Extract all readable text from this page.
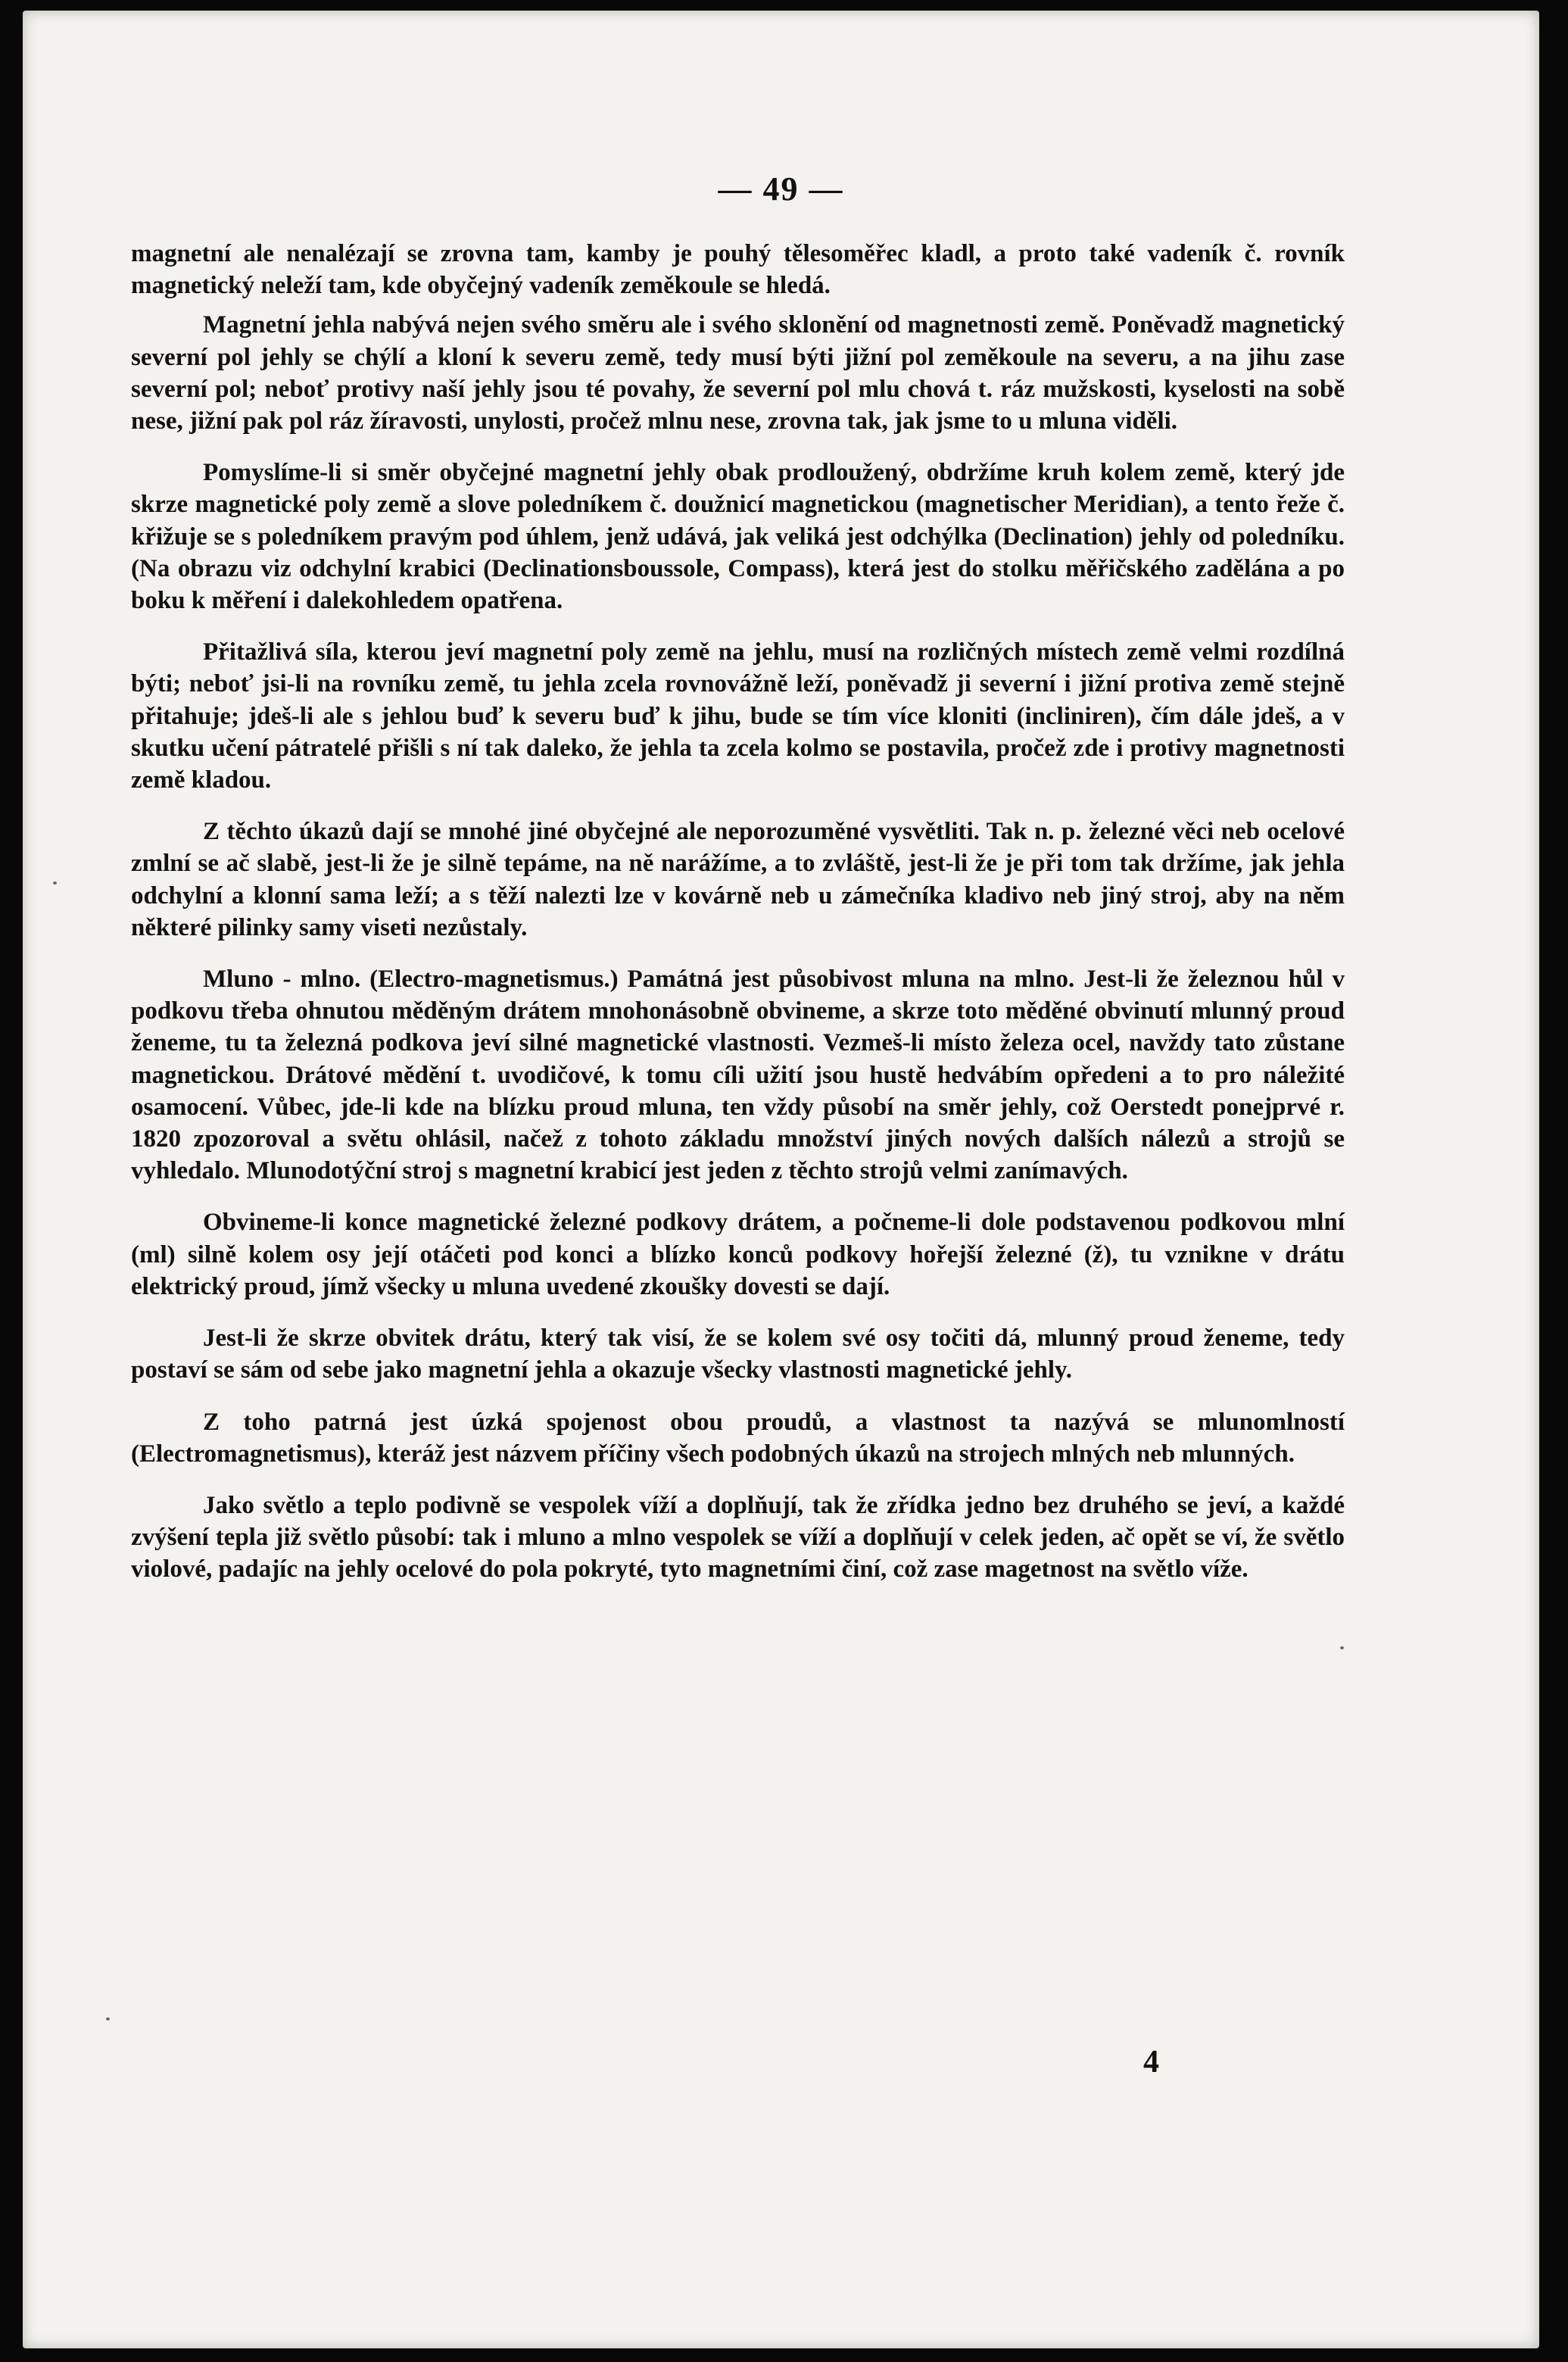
— 49 —

magnetní ale nenalézají se zrovna tam, kamby je pouhý tělesoměřec kladl, a proto také vadeník č. rovník magnetický neleží tam, kde obyčejný vadeník zeměkoule se hledá.

Magnetní jehla nabývá nejen svého směru ale i svého sklonění od magnetnosti země. Poněvadž magnetický severní pol jehly se chýlí a kloní k severu země, tedy musí býti jižní pol zeměkoule na severu, a na jihu zase severní pol; neboť protivy naší jehly jsou té povahy, že severní pol mlu chová t. ráz mužskosti, kyselosti na sobě nese, jižní pak pol ráz žíravosti, unylosti, pročež mlnu nese, zrovna tak, jak jsme to u mluna viděli.

Pomyslíme-li si směr obyčejné magnetní jehly obak prodloužený, obdržíme kruh kolem země, který jde skrze magnetické poly země a slove poledníkem č. doužnicí magnetickou (magnetischer Meridian), a tento řeže č. křižuje se s poledníkem pravým pod úhlem, jenž udává, jak veliká jest odchýlka (Declination) jehly od poledníku. (Na obrazu viz odchylní krabici (Declinationsboussole, Compass), která jest do stolku měřičského zadělána a po boku k měření i dalekohledem opatřena.

Přitažlivá síla, kterou jeví magnetní poly země na jehlu, musí na rozličných místech země velmi rozdílná býti; neboť jsi-li na rovníku země, tu jehla zcela rovnovážně leží, poněvadž ji severní i jižní protiva země stejně přitahuje; jdeš-li ale s jehlou buď k severu buď k jihu, bude se tím více kloniti (incliniren), čím dále jdeš, a v skutku učení pátratelé přišli s ní tak daleko, že jehla ta zcela kolmo se postavila, pročež zde i protivy magnetnosti země kladou.

Z těchto úkazů dají se mnohé jiné obyčejné ale neporozuměné vysvětliti. Tak n. p. železné věci neb ocelové zmlní se ač slabě, jest-li že je silně tepáme, na ně narážíme, a to zvláště, jest-li že je při tom tak držíme, jak jehla odchylní a klonní sama leží; a s těží nalezti lze v kovárně neb u zámečníka kladivo neb jiný stroj, aby na něm některé pilinky samy viseti nezůstaly.

Mluno - mlno. (Electro-magnetismus.) Památná jest působivost mluna na mlno. Jest-li že železnou hůl v podkovu třeba ohnutou měděným drátem mnohonásobně obvineme, a skrze toto měděné obvinutí mlunný proud ženeme, tu ta železná podkova jeví silné magnetické vlastnosti. Vezmeš-li místo železa ocel, navždy tato zůstane magnetickou. Drátové mědění t. uvodičové, k tomu cíli užití jsou hustě hedvábím opředeni a to pro náležité osamocení. Vůbec, jde-li kde na blízku proud mluna, ten vždy působí na směr jehly, což Oerstedt ponejprvé r. 1820 zpozoroval a světu ohlásil, načež z tohoto základu množství jiných nových dalších nálezů a strojů se vyhledalo. Mlunodotýční stroj s magnetní krabicí jest jeden z těchto strojů velmi zanímavých.

Obvineme-li konce magnetické železné podkovy drátem, a počneme-li dole podstavenou podkovou mlní (ml) silně kolem osy její otáčeti pod konci a blízko konců podkovy hořejší železné (ž), tu vznikne v drátu elektrický proud, jímž všecky u mluna uvedené zkoušky dovesti se dají.

Jest-li že skrze obvitek drátu, který tak visí, že se kolem své osy točiti dá, mlunný proud ženeme, tedy postaví se sám od sebe jako magnetní jehla a okazuje všecky vlastnosti magnetické jehly.

Z toho patrná jest úzká spojenost obou proudů, a vlastnost ta nazývá se mlunomlností (Electromagnetismus), kteráž jest názvem příčiny všech podobných úkazů na strojech mlných neb mlunných.

Jako světlo a teplo podivně se vespolek víží a doplňují, tak že zřídka jedno bez druhého se jeví, a každé zvýšení tepla již světlo působí: tak i mluno a mlno vespolek se víží a doplňují v celek jeden, ač opět se ví, že světlo violové, padajíc na jehly ocelové do pola pokryté, tyto magnetními činí, což zase magetnost na světlo víže.

4
